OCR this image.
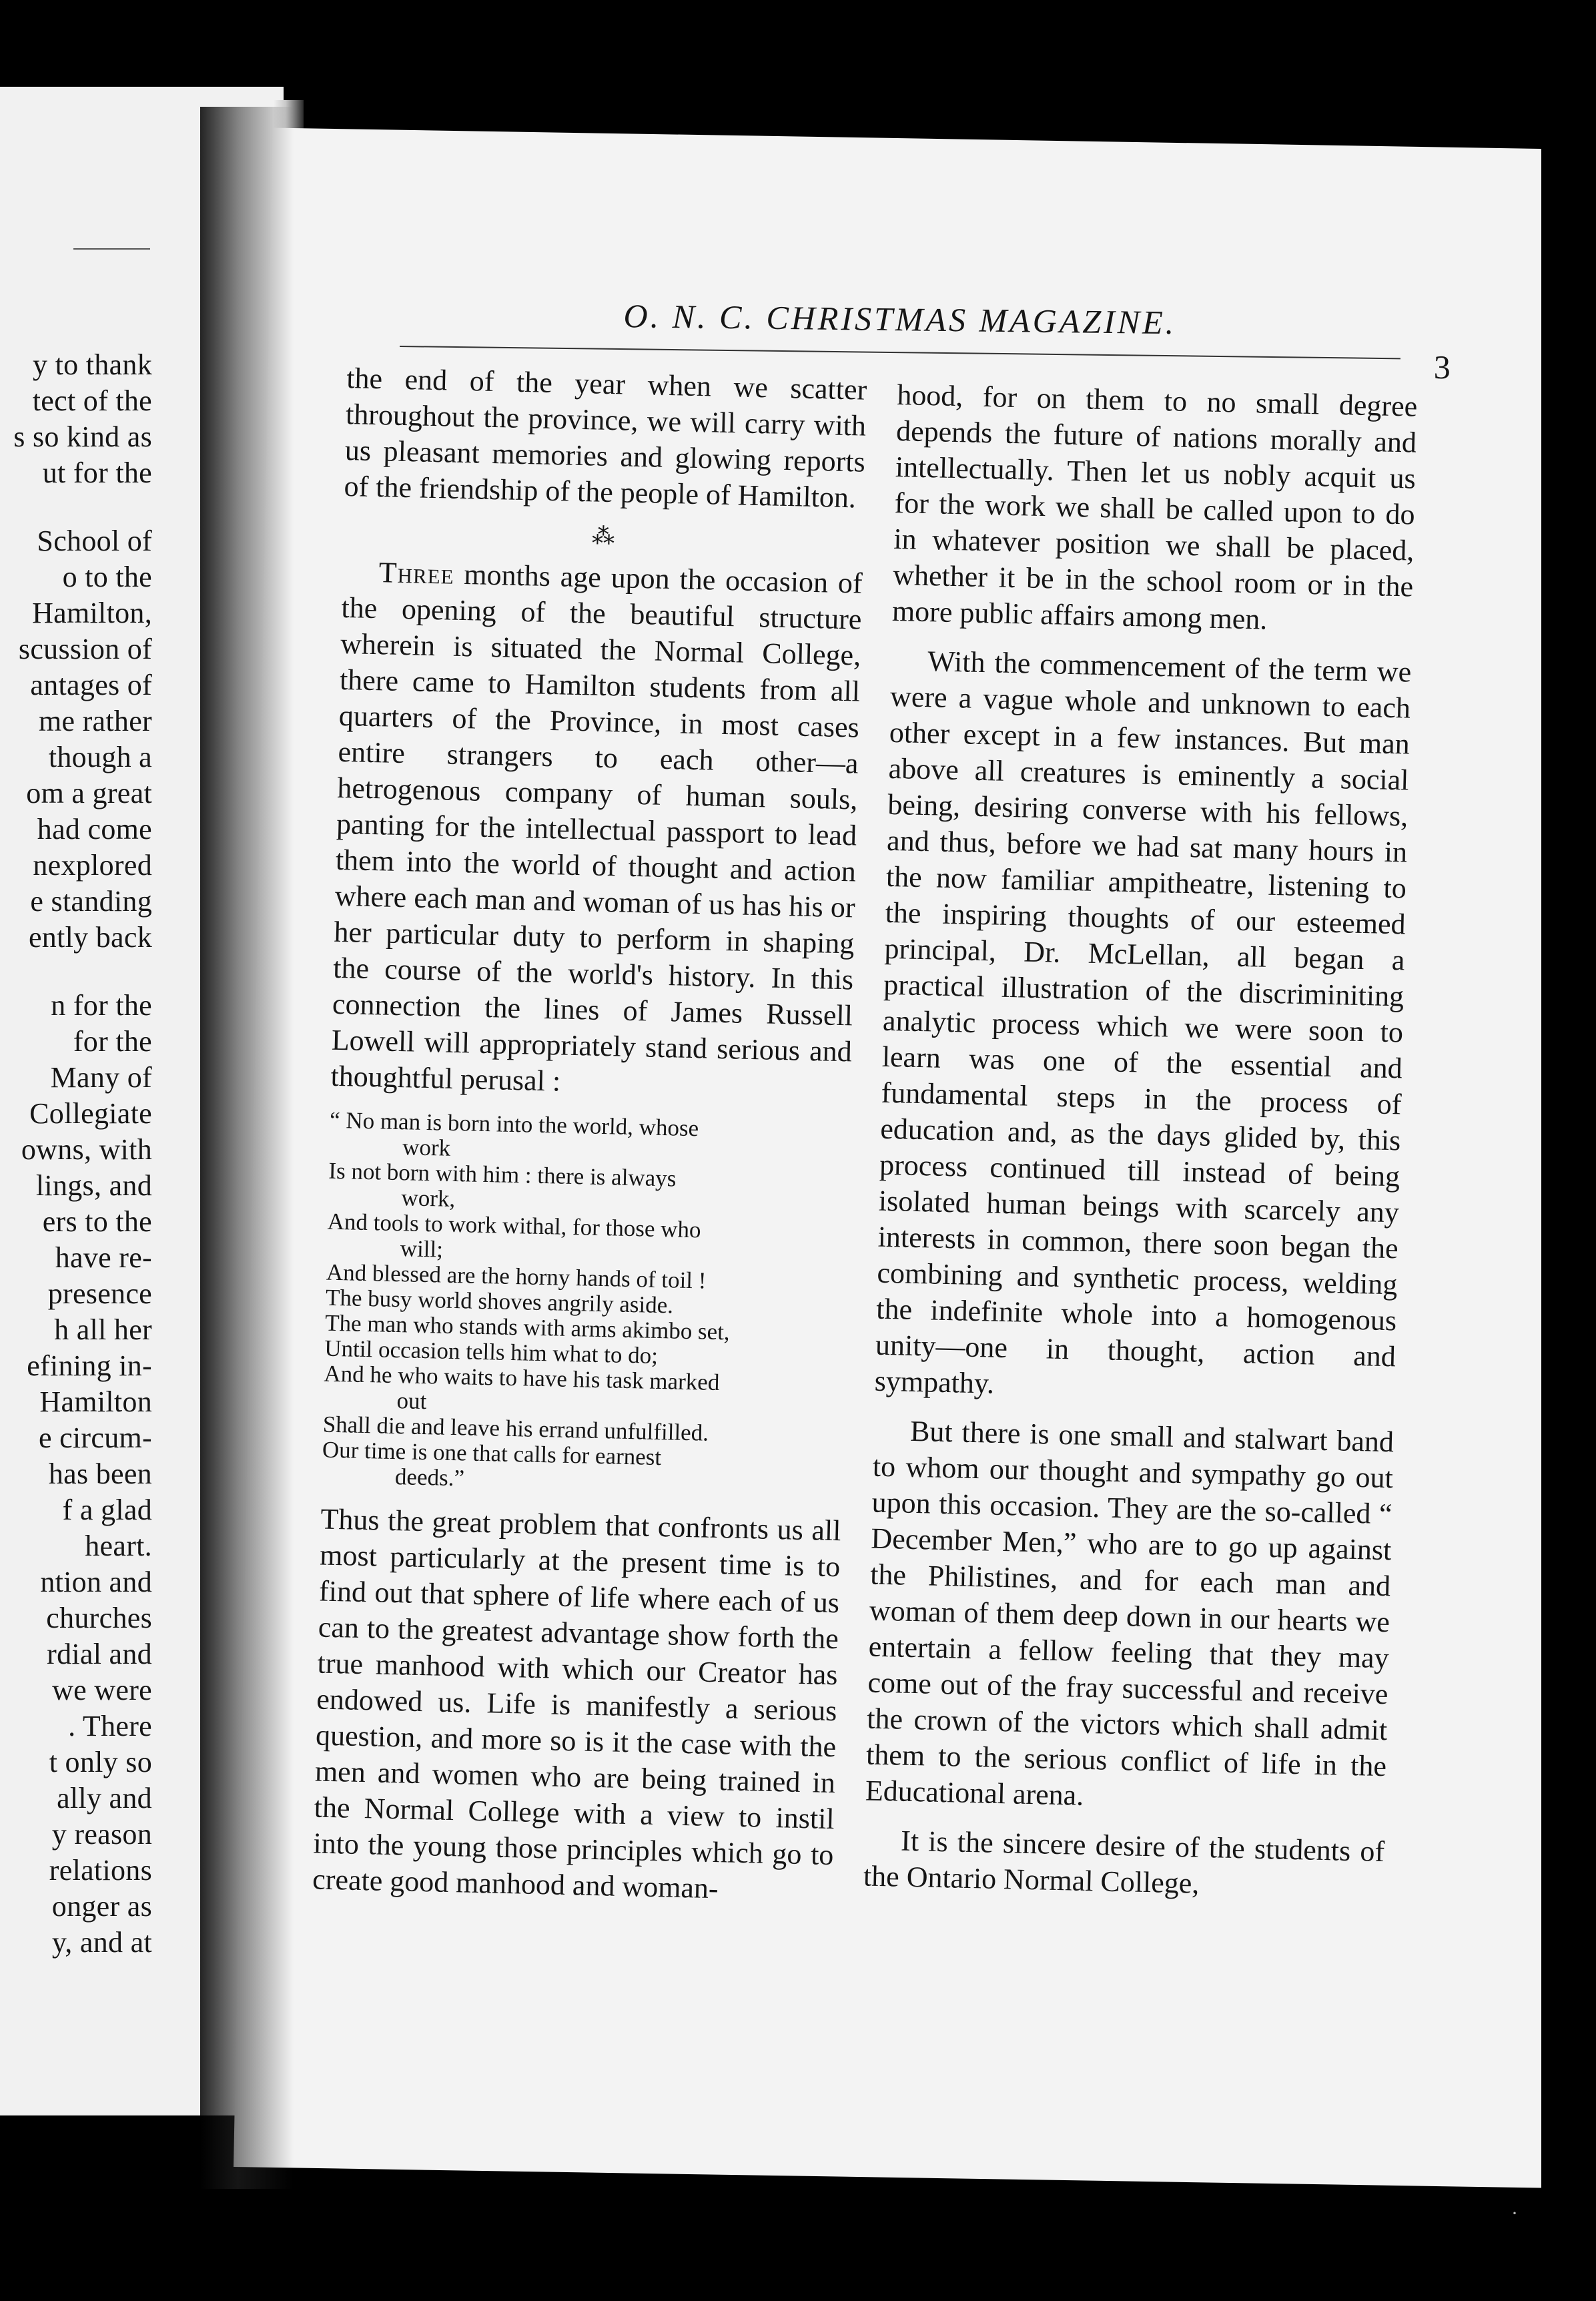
y to thank
tect of the
s so kind as
ut for the
School of
o to the
Hamilton,
scussion of
antages of
me rather
though a
om a great
had come
nexplored
e standing
ently back
n for the
for the
Many of
Collegiate
owns, with
lings, and
ers to the
have re-
presence
h all her
efining in-
Hamilton
e circum-
has been
f a glad
heart.
ntion and
churches
rdial and
we were
. There
t only so
ally and
y reason
relations
onger as
y, and at
O. N. C. CHRISTMAS MAGAZINE.
3

the end of the year when we scatter throughout the province, we will carry with us pleasant memories and glowing reports of the friendship of the people of Hamilton.

⁂

Three months age upon the occasion of the opening of the beautiful structure wherein is situated the Normal College, there came to Hamilton students from all quarters of the Province, in most cases entire strangers to each other—a hetrogenous company of human souls, panting for the intellectual passport to lead them into the world of thought and action where each man and woman of us has his or her particular duty to perform in shaping the course of the world's history. In this connection the lines of James Russell Lowell will appropriately stand serious and thoughtful perusal :

“ No man is born into the world, whose
work
Is not born with him : there is always
work,
And tools to work withal, for those who
will;
And blessed are the horny hands of toil !
The busy world shoves angrily aside.
The man who stands with arms akimbo set,
Until occasion tells him what to do;
And he who waits to have his task marked
out
Shall die and leave his errand unfulfilled.
Our time is one that calls for earnest
deeds.”

Thus the great problem that confronts us all most particularly at the present time is to find out that sphere of life where each of us can to the greatest advantage show forth the true manhood with which our Creator has endowed us. Life is manifestly a serious question, and more so is it the case with the men and women who are being trained in the Normal College with a view to instil into the young those principles which go to create good manhood and woman-

hood, for on them to no small degree depends the future of nations morally and intellectually. Then let us nobly acquit us for the work we shall be called upon to do in whatever position we shall be placed, whether it be in the school room or in the more public affairs among men.

With the commencement of the term we were a vague whole and unknown to each other except in a few instances. But man above all creatures is eminently a social being, desiring converse with his fellows, and thus, before we had sat many hours in the now familiar ampitheatre, listening to the inspiring thoughts of our esteemed principal, Dr. McLellan, all began a practical illustration of the discriminiting analytic process which we were soon to learn was one of the essential and fundamental steps in the process of education and, as the days glided by, this process continued till instead of being isolated human beings with scarcely any interests in common, there soon began the combining and synthetic process, welding the indefinite whole into a homogenous unity—one in thought, action and sympathy.

But there is one small and stalwart band to whom our thought and sympathy go out upon this occasion. They are the so-called “ December Men,” who are to go up against the Philistines, and for each man and woman of them deep down in our hearts we entertain a fellow feeling that they may come out of the fray successful and receive the crown of the victors which shall admit them to the serious conflict of life in the Educational arena.

It is the sincere desire of the students of the Ontario Normal College,

·
